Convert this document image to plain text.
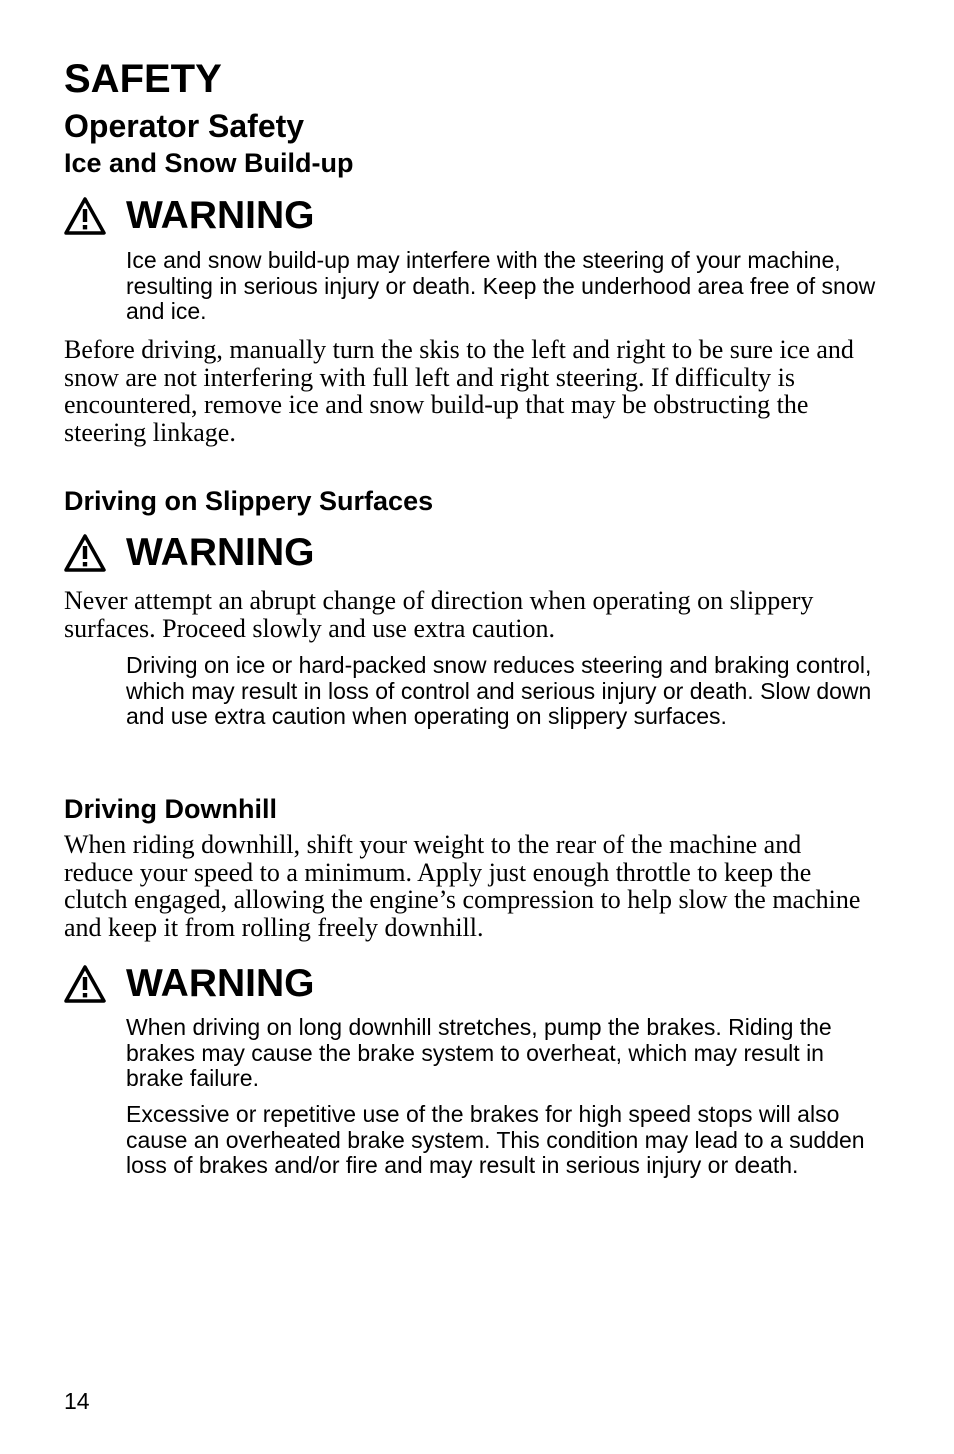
SAFETY
Operator Safety
Ice and Snow Build-up
WARNING

Ice and snow build-up may interfere with the steering of your machine, resulting in serious injury or death. Keep the underhood area free of snow and ice.

Before driving, manually turn the skis to the left and right to be sure ice and snow are not interfering with full left and right steering. If difficulty is encountered, remove ice and snow build-up that may be obstructing the steering linkage.

Driving on Slippery Surfaces
WARNING

Never attempt an abrupt change of direction when operating on slippery surfaces. Proceed slowly and use extra caution.

Driving on ice or hard-packed snow reduces steering and braking control, which may result in loss of control and serious injury or death. Slow down and use extra caution when operating on slippery surfaces.

Driving Downhill

When riding downhill, shift your weight to the rear of the machine and reduce your speed to a minimum. Apply just enough throttle to keep the clutch engaged, allowing the engine’s compression to help slow the machine and keep it from rolling freely downhill.

WARNING

When driving on long downhill stretches, pump the brakes. Riding the brakes may cause the brake system to overheat, which may result in brake failure.

Excessive or repetitive use of the brakes for high speed stops will also cause an overheated brake system. This condition may lead to a sudden loss of brakes and/or fire and may result in serious injury or death.

14
